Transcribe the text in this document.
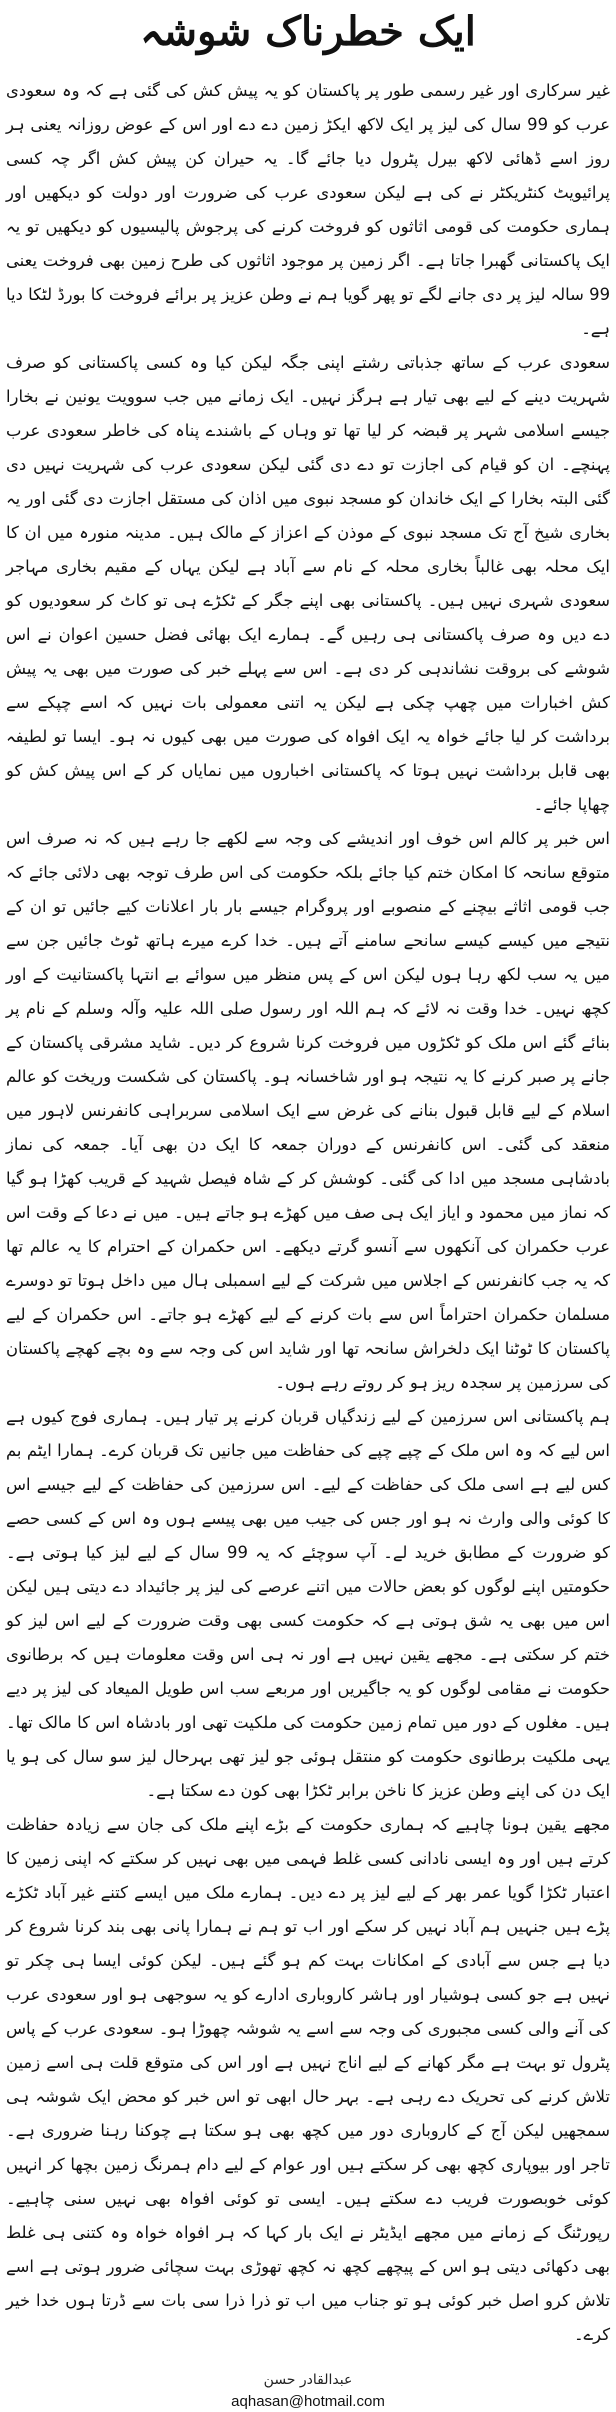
ایک خطرناک شوشہ

غیر سرکاری اور غیر رسمی طور پر پاکستان کو یہ پیش کش کی گئی ہے کہ وہ سعودی عرب کو 99 سال کی لیز پر ایک لاکھ ایکڑ زمین دے دے اور اس کے عوض روزانہ یعنی ہر روز اسے ڈھائی لاکھ بیرل پٹرول دیا جائے گا۔ یہ حیران کن پیش کش اگر چہ کسی پرائیویٹ کنٹریکٹر نے کی ہے لیکن سعودی عرب کی ضرورت اور دولت کو دیکھیں اور ہماری حکومت کی قومی اثاثوں کو فروخت کرنے کی پرجوش پالیسیوں کو دیکھیں تو یہ ایک پاکستانی گھبرا جاتا ہے۔ اگر زمین پر موجود اثاثوں کی طرح زمین بھی فروخت یعنی 99 سالہ لیز پر دی جانے لگے تو پھر گویا ہم نے وطن عزیز پر برائے فروخت کا بورڈ لٹکا دیا ہے۔

سعودی عرب کے ساتھ جذباتی رشتے اپنی جگہ لیکن کیا وہ کسی پاکستانی کو صرف شہریت دینے کے لیے بھی تیار ہے ہرگز نہیں۔ ایک زمانے میں جب سوویت یونین نے بخارا جیسے اسلامی شہر پر قبضہ کر لیا تھا تو وہاں کے باشندے پناہ کی خاطر سعودی عرب پہنچے۔ ان کو قیام کی اجازت تو دے دی گئی لیکن سعودی عرب کی شہریت نہیں دی گئی البتہ بخارا کے ایک خاندان کو مسجد نبوی میں اذان کی مستقل اجازت دی گئی اور یہ بخاری شیخ آج تک مسجد نبوی کے موذن کے اعزاز کے مالک ہیں۔ مدینہ منورہ میں ان کا ایک محلہ بھی غالباً بخاری محلہ کے نام سے آباد ہے لیکن یہاں کے مقیم بخاری مہاجر سعودی شہری نہیں ہیں۔ پاکستانی بھی اپنے جگر کے ٹکڑے ہی تو کاٹ کر سعودیوں کو دے دیں وہ صرف پاکستانی ہی رہیں گے۔ ہمارے ایک بھائی فضل حسین اعوان نے اس شوشے کی بروقت نشاندہی کر دی ہے۔ اس سے پہلے خبر کی صورت میں بھی یہ پیش کش اخبارات میں چھپ چکی ہے لیکن یہ اتنی معمولی بات نہیں کہ اسے چپکے سے برداشت کر لیا جائے خواہ یہ ایک افواہ کی صورت میں بھی کیوں نہ ہو۔ ایسا تو لطیفہ بھی قابل برداشت نہیں ہوتا کہ پاکستانی اخباروں میں نمایاں کر کے اس پیش کش کو چھاپا جائے۔

اس خبر پر کالم اس خوف اور اندیشے کی وجہ سے لکھے جا رہے ہیں کہ نہ صرف اس متوقع سانحہ کا امکان ختم کیا جائے بلکہ حکومت کی اس طرف توجہ بھی دلائی جائے کہ جب قومی اثاثے بیچنے کے منصوبے اور پروگرام جیسے بار بار اعلانات کیے جائیں تو ان کے نتیجے میں کیسے کیسے سانحے سامنے آتے ہیں۔ خدا کرے میرے ہاتھ ٹوٹ جائیں جن سے میں یہ سب لکھ رہا ہوں لیکن اس کے پس منظر میں سوائے بے انتہا پاکستانیت کے اور کچھ نہیں۔ خدا وقت نہ لائے کہ ہم اللہ اور رسول صلی اللہ علیہ وآلہ وسلم کے نام پر بنائے گئے اس ملک کو ٹکڑوں میں فروخت کرنا شروع کر دیں۔ شاید مشرقی پاکستان کے جانے پر صبر کرنے کا یہ نتیجہ ہو اور شاخسانہ ہو۔ پاکستان کی شکست وریخت کو عالم اسلام کے لیے قابل قبول بنانے کی غرض سے ایک اسلامی سربراہی کانفرنس لاہور میں منعقد کی گئی۔ اس کانفرنس کے دوران جمعہ کا ایک دن بھی آیا۔ جمعہ کی نماز بادشاہی مسجد میں ادا کی گئی۔ کوشش کر کے شاہ فیصل شہید کے قریب کھڑا ہو گیا کہ نماز میں محمود و ایاز ایک ہی صف میں کھڑے ہو جاتے ہیں۔ میں نے دعا کے وقت اس عرب حکمران کی آنکھوں سے آنسو گرتے دیکھے۔ اس حکمران کے احترام کا یہ عالم تھا کہ یہ جب کانفرنس کے اجلاس میں شرکت کے لیے اسمبلی ہال میں داخل ہوتا تو دوسرے مسلمان حکمران احتراماً اس سے بات کرنے کے لیے کھڑے ہو جاتے۔ اس حکمران کے لیے پاکستان کا ٹوٹنا ایک دلخراش سانحہ تھا اور شاید اس کی وجہ سے وہ بچے کھچے پاکستان کی سرزمین پر سجدہ ریز ہو کر روتے رہے ہوں۔

ہم پاکستانی اس سرزمین کے لیے زندگیاں قربان کرنے پر تیار ہیں۔ ہماری فوج کیوں ہے اس لیے کہ وہ اس ملک کے چپے چپے کی حفاظت میں جانیں تک قربان کرے۔ ہمارا ایٹم بم کس لیے ہے اسی ملک کی حفاظت کے لیے۔ اس سرزمین کی حفاظت کے لیے جیسے اس کا کوئی والی وارث نہ ہو اور جس کی جیب میں بھی پیسے ہوں وہ اس کے کسی حصے کو ضرورت کے مطابق خرید لے۔ آپ سوچئے کہ یہ 99 سال کے لیے لیز کیا ہوتی ہے۔ حکومتیں اپنے لوگوں کو بعض حالات میں اتنے عرصے کی لیز پر جائیداد دے دیتی ہیں لیکن اس میں بھی یہ شق ہوتی ہے کہ حکومت کسی بھی وقت ضرورت کے لیے اس لیز کو ختم کر سکتی ہے۔ مجھے یقین نہیں ہے اور نہ ہی اس وقت معلومات ہیں کہ برطانوی حکومت نے مقامی لوگوں کو یہ جاگیریں اور مربعے سب اس طویل المیعاد کی لیز پر دیے ہیں۔ مغلوں کے دور میں تمام زمین حکومت کی ملکیت تھی اور بادشاہ اس کا مالک تھا۔ یہی ملکیت برطانوی حکومت کو منتقل ہوئی جو لیز تھی بہرحال لیز سو سال کی ہو یا ایک دن کی اپنے وطن عزیز کا ناخن برابر ٹکڑا بھی کون دے سکتا ہے۔

مجھے یقین ہونا چاہیے کہ ہماری حکومت کے بڑے اپنے ملک کی جان سے زیادہ حفاظت کرتے ہیں اور وہ ایسی نادانی کسی غلط فہمی میں بھی نہیں کر سکتے کہ اپنی زمین کا اعتبار ٹکڑا گویا عمر بھر کے لیے لیز پر دے دیں۔ ہمارے ملک میں ایسے کتنے غیر آباد ٹکڑے پڑے ہیں جنہیں ہم آباد نہیں کر سکے اور اب تو ہم نے ہمارا پانی بھی بند کرنا شروع کر دیا ہے جس سے آبادی کے امکانات بہت کم ہو گئے ہیں۔ لیکن کوئی ایسا ہی چکر تو نہیں ہے جو کسی ہوشیار اور ہاشر کاروباری ادارے کو یہ سوجھی ہو اور سعودی عرب کی آنے والی کسی مجبوری کی وجہ سے اسے یہ شوشہ چھوڑا ہو۔ سعودی عرب کے پاس پٹرول تو بہت ہے مگر کھانے کے لیے اناج نہیں ہے اور اس کی متوقع قلت ہی اسے زمین تلاش کرنے کی تحریک دے رہی ہے۔ بہر حال ابھی تو اس خبر کو محض ایک شوشہ ہی سمجھیں لیکن آج کے کاروباری دور میں کچھ بھی ہو سکتا ہے چوکنا رہنا ضروری ہے۔ تاجر اور بیوپاری کچھ بھی کر سکتے ہیں اور عوام کے لیے دام ہمرنگ زمین بچھا کر انہیں کوئی خوبصورت فریب دے سکتے ہیں۔ ایسی تو کوئی افواہ بھی نہیں سنی چاہیے۔ رپورٹنگ کے زمانے میں مجھے ایڈیٹر نے ایک بار کہا کہ ہر افواہ خواہ وہ کتنی ہی غلط بھی دکھائی دیتی ہو اس کے پیچھے کچھ نہ کچھ تھوڑی بہت سچائی ضرور ہوتی ہے اسے تلاش کرو اصل خبر کوئی ہو تو جناب میں اب تو ذرا ذرا سی بات سے ڈرتا ہوں خدا خیر کرے۔

عبدالقادر حسن
aqhasan@hotmail.com
